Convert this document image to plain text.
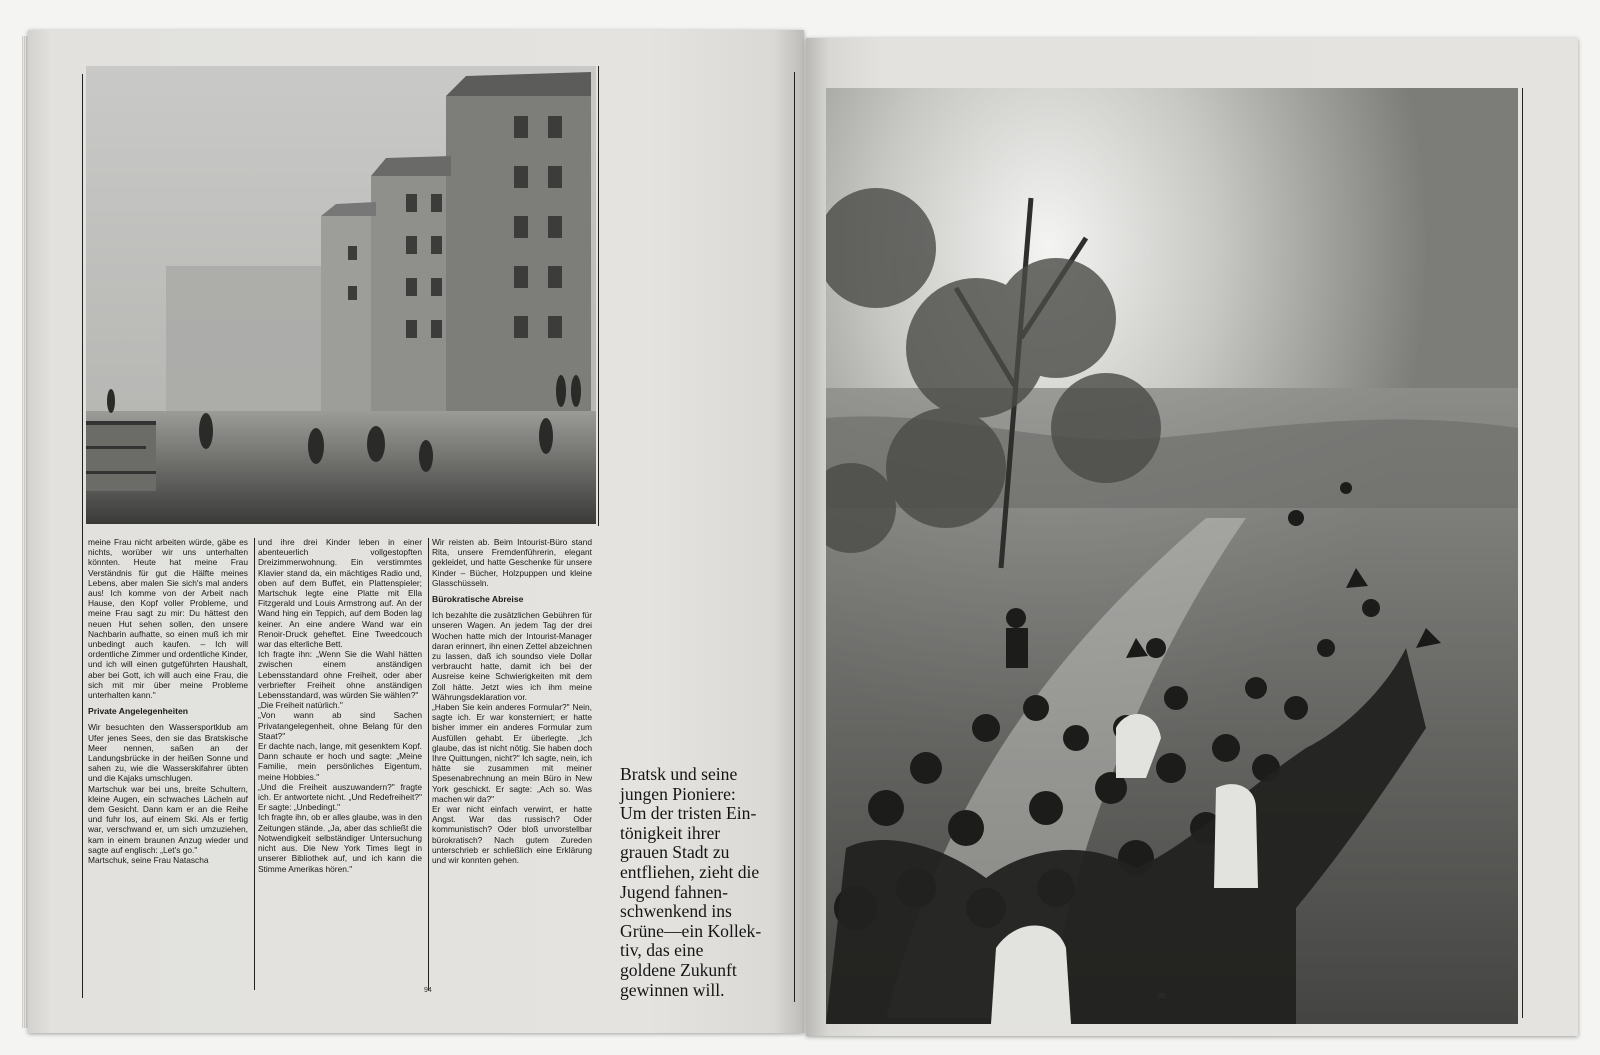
meine Frau nicht arbeiten würde, gäbe es nichts, worüber wir uns unterhalten könnten. Heute hat meine Frau Verständnis für gut die Hälfte meines Lebens, aber malen Sie sich's mal anders aus! Ich komme von der Arbeit nach Hause, den Kopf voller Probleme, und meine Frau sagt zu mir: Du hättest den neuen Hut sehen sollen, den unsere Nachbarin aufhatte, so einen muß ich mir unbedingt auch kaufen. – Ich will ordentliche Zimmer und ordentliche Kinder, und ich will einen gutgeführten Haushalt, aber bei Gott, ich will auch eine Frau, die sich mit mir über meine Probleme unterhalten kann."

Private Angelegenheiten

Wir besuchten den Wassersportklub am Ufer jenes Sees, den sie das Bratskische Meer nennen, saßen an der Landungsbrücke in der heißen Sonne und sahen zu, wie die Wasserskifahrer übten und die Kajaks umschlugen.
Martschuk war bei uns, breite Schultern, kleine Augen, ein schwaches Lächeln auf dem Gesicht. Dann kam er an die Reihe und fuhr los, auf einem Ski. Als er fertig war, verschwand er, um sich umzuziehen, kam in einem braunen Anzug wieder und sagte auf englisch: „Let's go."
Martschuk, seine Frau Natascha

und ihre drei Kinder leben in einer abenteuerlich vollgestopften Dreizimmerwohnung. Ein verstimmtes Klavier stand da, ein mächtiges Radio und, oben auf dem Buffet, ein Plattenspieler; Martschuk legte eine Platte mit Ella Fitzgerald und Louis Armstrong auf. An der Wand hing ein Teppich, auf dem Boden lag keiner. An eine andere Wand war ein Renoir-Druck geheftet. Eine Tweedcouch war das elterliche Bett.
Ich fragte ihn: „Wenn Sie die Wahl hätten zwischen einem anständigen Lebensstandard ohne Freiheit, oder aber verbriefter Freiheit ohne anständigen Lebensstandard, was würden Sie wählen?"
„Die Freiheit natürlich."
„Von wann ab sind Sachen Privatangelegenheit, ohne Belang für den Staat?"
Er dachte nach, lange, mit gesenktem Kopf. Dann schaute er hoch und sagte: „Meine Familie, mein persönliches Eigentum, meine Hobbies."
„Und die Freiheit auszuwandern?" fragte ich. Er antwortete nicht. „Und Redefreiheit?" Er sagte: „Unbedingt."
Ich fragte ihn, ob er alles glaube, was in den Zeitungen stände. „Ja, aber das schließt die Notwendigkeit selbständiger Untersuchung nicht aus. Die New York Times liegt in unserer Bibliothek auf, und ich kann die Stimme Amerikas hören."

Wir reisten ab. Beim Intourist-Büro stand Rita, unsere Fremdenführerin, elegant gekleidet, und hatte Geschenke für unsere Kinder – Bücher, Holzpuppen und kleine Glasschüsseln.

Bürokratische Abreise

Ich bezahlte die zusätzlichen Gebühren für unseren Wagen. An jedem Tag der drei Wochen hatte mich der Intourist-Manager daran erinnert, ihn einen Zettel abzeichnen zu lassen, daß ich soundso viele Dollar verbraucht hatte, damit ich bei der Ausreise keine Schwierigkeiten mit dem Zoll hätte. Jetzt wies ich ihm meine Währungsdeklaration vor.
„Haben Sie kein anderes Formular?" Nein, sagte ich. Er war konsterniert; er hatte bisher immer ein anderes Formular zum Ausfüllen gehabt. Er überlegte. „Ich glaube, das ist nicht nötig. Sie haben doch Ihre Quittungen, nicht?" Ich sagte, nein, ich hätte sie zusammen mit meiner Spesenabrechnung an mein Büro in New York geschickt. Er sagte: „Ach so. Was machen wir da?"
Er war nicht einfach verwirrt, er hatte Angst. War das russisch? Oder kommunistisch? Oder bloß unvorstellbar bürokratisch? Nach gutem Zureden unterschrieb er schließlich eine Erklärung und wir konnten gehen.

94
Bratsk und seine
jungen Pioniere:
Um der tristen Ein-
tönigkeit ihrer
grauen Stadt zu
entfliehen, zieht die
Jugend fahnen-
schwenkend ins
Grüne—ein Kollek-
tiv, das eine
goldene Zukunft
gewinnen will.	95
